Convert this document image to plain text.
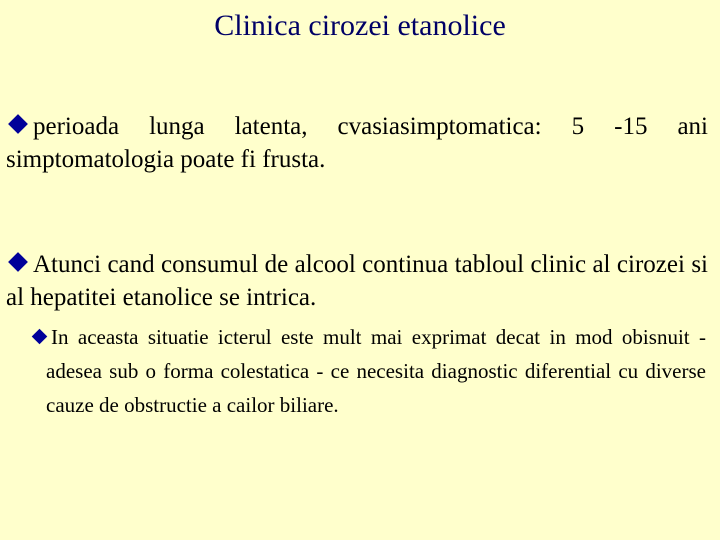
Clinica cirozei etanolice
perioada lunga latenta, cvasiasimptomatica: 5 -15 ani simptomatologia poate fi frusta.
Atunci cand consumul de alcool continua tabloul clinic al cirozei si al hepatitei etanolice se intrica.
In aceasta situatie icterul este mult mai exprimat decat in mod obisnuit - adesea sub o forma colestatica - ce necesita diagnostic diferential cu diverse cauze de obstructie a cailor biliare.
